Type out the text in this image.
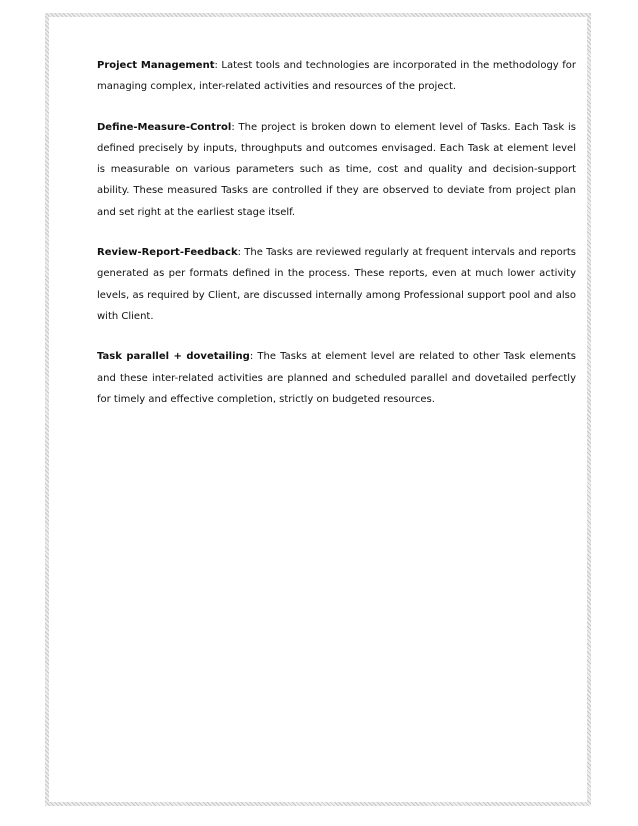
Project Management: Latest tools and technologies are incorporated in the methodology for managing complex, inter-related activities and resources of the project.

Define-Measure-Control: The project is broken down to element level of Tasks. Each Task is defined precisely by inputs, throughputs and outcomes envisaged. Each Task at element level is measurable on various parameters such as time, cost and quality and decision-support ability. These measured Tasks are controlled if they are observed to deviate from project plan and set right at the earliest stage itself.

Review-Report-Feedback: The Tasks are reviewed regularly at frequent intervals and reports generated as per formats defined in the process. These reports, even at much lower activity levels, as required by Client, are discussed internally among Professional support pool and also with Client.

Task parallel + dovetailing: The Tasks at element level are related to other Task elements and these inter-related activities are planned and scheduled parallel and dovetailed perfectly for timely and effective completion, strictly on budgeted resources.
